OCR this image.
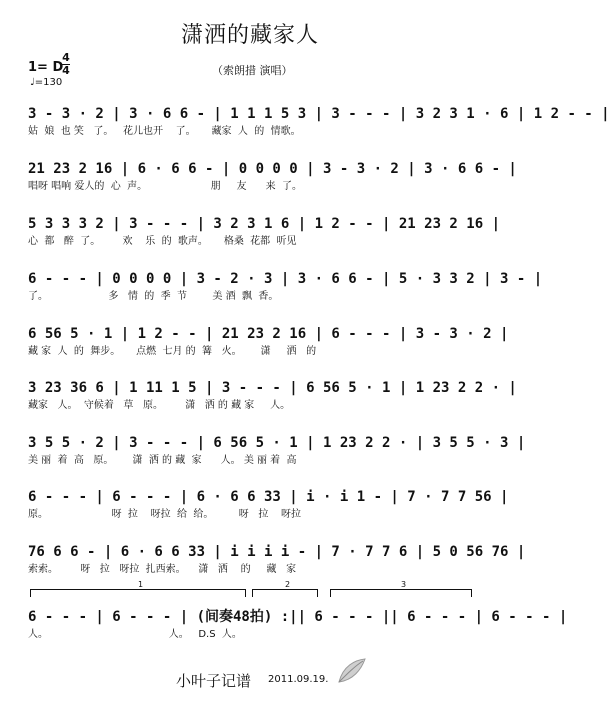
潇洒的藏家人
1= D
4
4
♩=130
（索朗措 演唱）
3 - 3 · 2 | 3 · 6 6 - | 1 1 1 5 3 | 3 - - - | 3 2 3 1 · 6 | 1 2 - - |
姑  娘  也 笑   了。   花儿也开    了。     藏家  人  的  情歌。
21 23 2 16 | 6 · 6 6 - | 0 0 0 0 | 3 - 3 · 2 | 3 · 6 6 - |
唱呀 唱响 爱人的  心  声。                    朋     友      来  了。
5 3 3 3 2 | 3 - - - | 3 2 3 1 6 | 1 2 - - | 21 23 2 16 |
心  都   醉  了。       欢    乐  的  歌声。     格桑  花都  听见
6 - - - | 0 0 0 0 | 3 - 2 · 3 | 3 · 6 6 - | 5 · 3 3 2 | 3 - |
了。                   多   情  的  季  节        美 酒  飘  香。
6 56 5 · 1 | 1 2 - - | 21 23 2 16 | 6 - - - | 3 - 3 · 2 |
藏 家  人  的  舞步。     点燃  七月 的  篝   火。      潇     洒   的
3 23 36 6 | 1 11 1 5 | 3 - - - | 6 56 5 · 1 | 1 23 2 2 · |
藏家   人。  守候着   草   原。       潇   洒 的 藏 家     人。
3 5 5 · 2 | 3 - - - | 6 56 5 · 1 | 1 23 2 2 · | 3 5 5 · 3 |
美 丽  着  高   原。      潇  洒 的 藏  家      人。 美 丽 着  高
6 - - - | 6 - - - | 6 · 6 6 33 | i · i 1 - | 7 · 7 7 56 |
原。                    呀  拉    呀拉  给  给。        呀   拉    呀拉
76 6 6 - | 6 · 6 6 33 | i i i i - | 7 · 7 7 6 | 5 0 56 76 |
索索。       呀   拉   呀拉  扎西索。    潇   洒    的     藏   家
1	2	3
6 - - - | 6 - - - | (间奏48拍) :|| 6 - - - || 6 - - - | 6 - - - |
人。                                      人。   D.S  人。
小叶子记谱 2011.09.19.
